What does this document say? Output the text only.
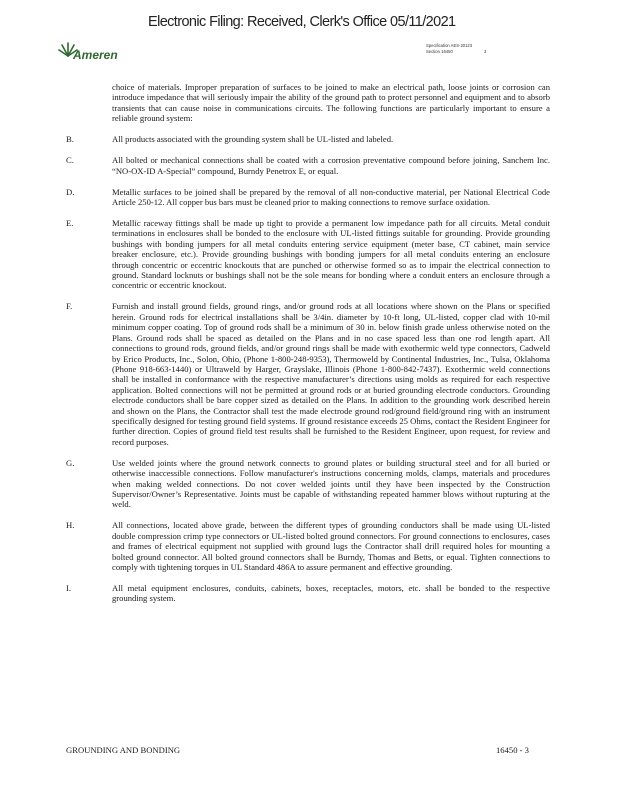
Electronic Filing: Received, Clerk's Office 05/11/2021
Ameren
Specification AES-20123
Section 16450	3

choice of materials. Improper preparation of surfaces to be joined to make an electrical path, loose joints or corrosion can introduce impedance that will seriously impair the ability of the ground path to protect personnel and equipment and to absorb transients that can cause noise in communications circuits. The following functions are particularly important to ensure a reliable ground system:

B.	All products associated with the grounding system shall be UL-listed and labeled.
C.	All bolted or mechanical connections shall be coated with a corrosion preventative compound before joining, Sanchem Inc. “NO-OX-ID A-Special” compound, Burndy Penetrox E, or equal.
D.	Metallic surfaces to be joined shall be prepared by the removal of all non-conductive material, per National Electrical Code Article 250-12. All copper bus bars must be cleaned prior to making connections to remove surface oxidation.
E.	Metallic raceway fittings shall be made up tight to provide a permanent low impedance path for all circuits. Metal conduit terminations in enclosures shall be bonded to the enclosure with UL-listed fittings suitable for grounding. Provide grounding bushings with bonding jumpers for all metal conduits entering service equipment (meter base, CT cabinet, main service breaker enclosure, etc.). Provide grounding bushings with bonding jumpers for all metal conduits entering an enclosure through concentric or eccentric knockouts that are punched or otherwise formed so as to impair the electrical connection to ground. Standard locknuts or bushings shall not be the sole means for bonding where a conduit enters an enclosure through a concentric or eccentric knockout.
F.	Furnish and install ground fields, ground rings, and/or ground rods at all locations where shown on the Plans or specified herein. Ground rods for electrical installations shall be 3/4in. diameter by 10-ft long, UL-listed, copper clad with 10-mil minimum copper coating. Top of ground rods shall be a minimum of 30 in. below finish grade unless otherwise noted on the Plans. Ground rods shall be spaced as detailed on the Plans and in no case spaced less than one rod length apart. All connections to ground rods, ground fields, and/or ground rings shall be made with exothermic weld type connectors, Cadweld by Erico Products, Inc., Solon, Ohio, (Phone 1-800-248-9353), Thermoweld by Continental Industries, Inc., Tulsa, Oklahoma (Phone 918-663-1440) or Ultraweld by Harger, Grayslake, Illinois (Phone 1-800-842-7437). Exothermic weld connections shall be installed in conformance with the respective manufacturer’s directions using molds as required for each respective application. Bolted connections will not be permitted at ground rods or at buried grounding electrode conductors. Grounding electrode conductors shall be bare copper sized as detailed on the Plans. In addition to the grounding work described herein and shown on the Plans, the Contractor shall test the made electrode ground rod/ground field/ground ring with an instrument specifically designed for testing ground field systems. If ground resistance exceeds 25 Ohms, contact the Resident Engineer for further direction. Copies of ground field test results shall be furnished to the Resident Engineer, upon request, for review and record purposes.
G.	Use welded joints where the ground network connects to ground plates or building structural steel and for all buried or otherwise inaccessible connections. Follow manufacturer's instructions concerning molds, clamps, materials and procedures when making welded connections. Do not cover welded joints until they have been inspected by the Construction Supervisor/Owner’s Representative. Joints must be capable of withstanding repeated hammer blows without rupturing at the weld.
H.	All connections, located above grade, between the different types of grounding conductors shall be made using UL-listed double compression crimp type connectors or UL-listed bolted ground connectors. For ground connections to enclosures, cases and frames of electrical equipment not supplied with ground lugs the Contractor shall drill required holes for mounting a bolted ground connector. All bolted ground connectors shall be Burndy, Thomas and Betts, or equal. Tighten connections to comply with tightening torques in UL Standard 486A to assure permanent and effective grounding.
I.	All metal equipment enclosures, conduits, cabinets, boxes, receptacles, motors, etc. shall be bonded to the respective grounding system.
GROUNDING AND BONDING	16450 - 3
